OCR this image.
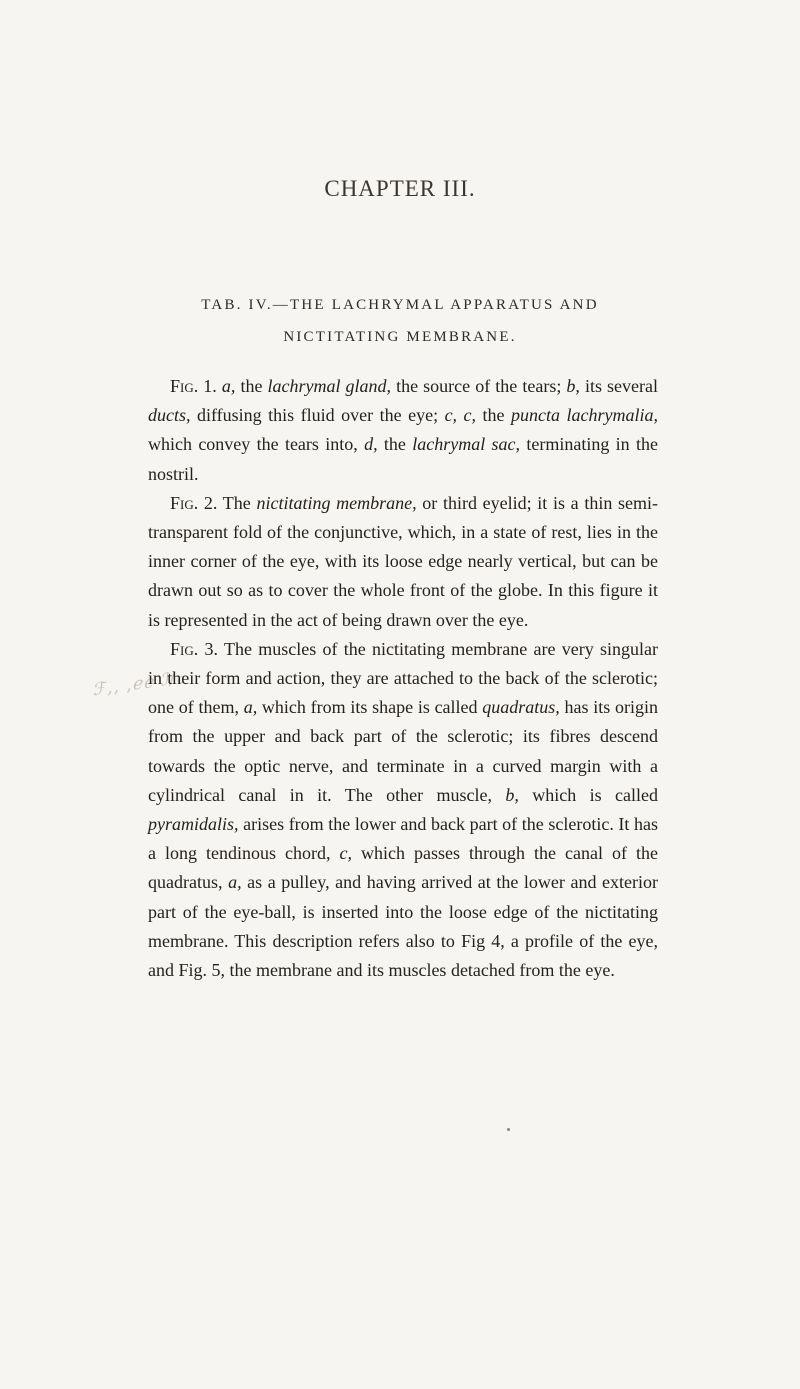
CHAPTER III.
TAB. IV.—THE LACHRYMAL APPARATUS AND
NICTITATING MEMBRANE.
ℱ,, ,ℯℯ ℐ/ℴ

Fig. 1. a, the lachrymal gland, the source of the tears; b, its several ducts, diffusing this fluid over the eye; c, c, the puncta lachrymalia, which convey the tears into, d, the lachrymal sac, terminating in the nostril.

Fig. 2. The nictitating membrane, or third eyelid; it is a thin semi-transparent fold of the conjunctive, which, in a state of rest, lies in the inner corner of the eye, with its loose edge nearly vertical, but can be drawn out so as to cover the whole front of the globe. In this figure it is represented in the act of being drawn over the eye.

Fig. 3. The muscles of the nictitating membrane are very singular in their form and action, they are attached to the back of the sclerotic; one of them, a, which from its shape is called quadratus, has its origin from the upper and back part of the sclerotic; its fibres descend towards the optic nerve, and terminate in a curved margin with a cylindrical canal in it. The other muscle, b, which is called pyramidalis, arises from the lower and back part of the sclerotic. It has a long tendinous chord, c, which passes through the canal of the quadratus, a, as a pulley, and having arrived at the lower and exterior part of the eye-ball, is inserted into the loose edge of the nictitating membrane. This description refers also to Fig 4, a profile of the eye, and Fig. 5, the membrane and its muscles detached from the eye.
